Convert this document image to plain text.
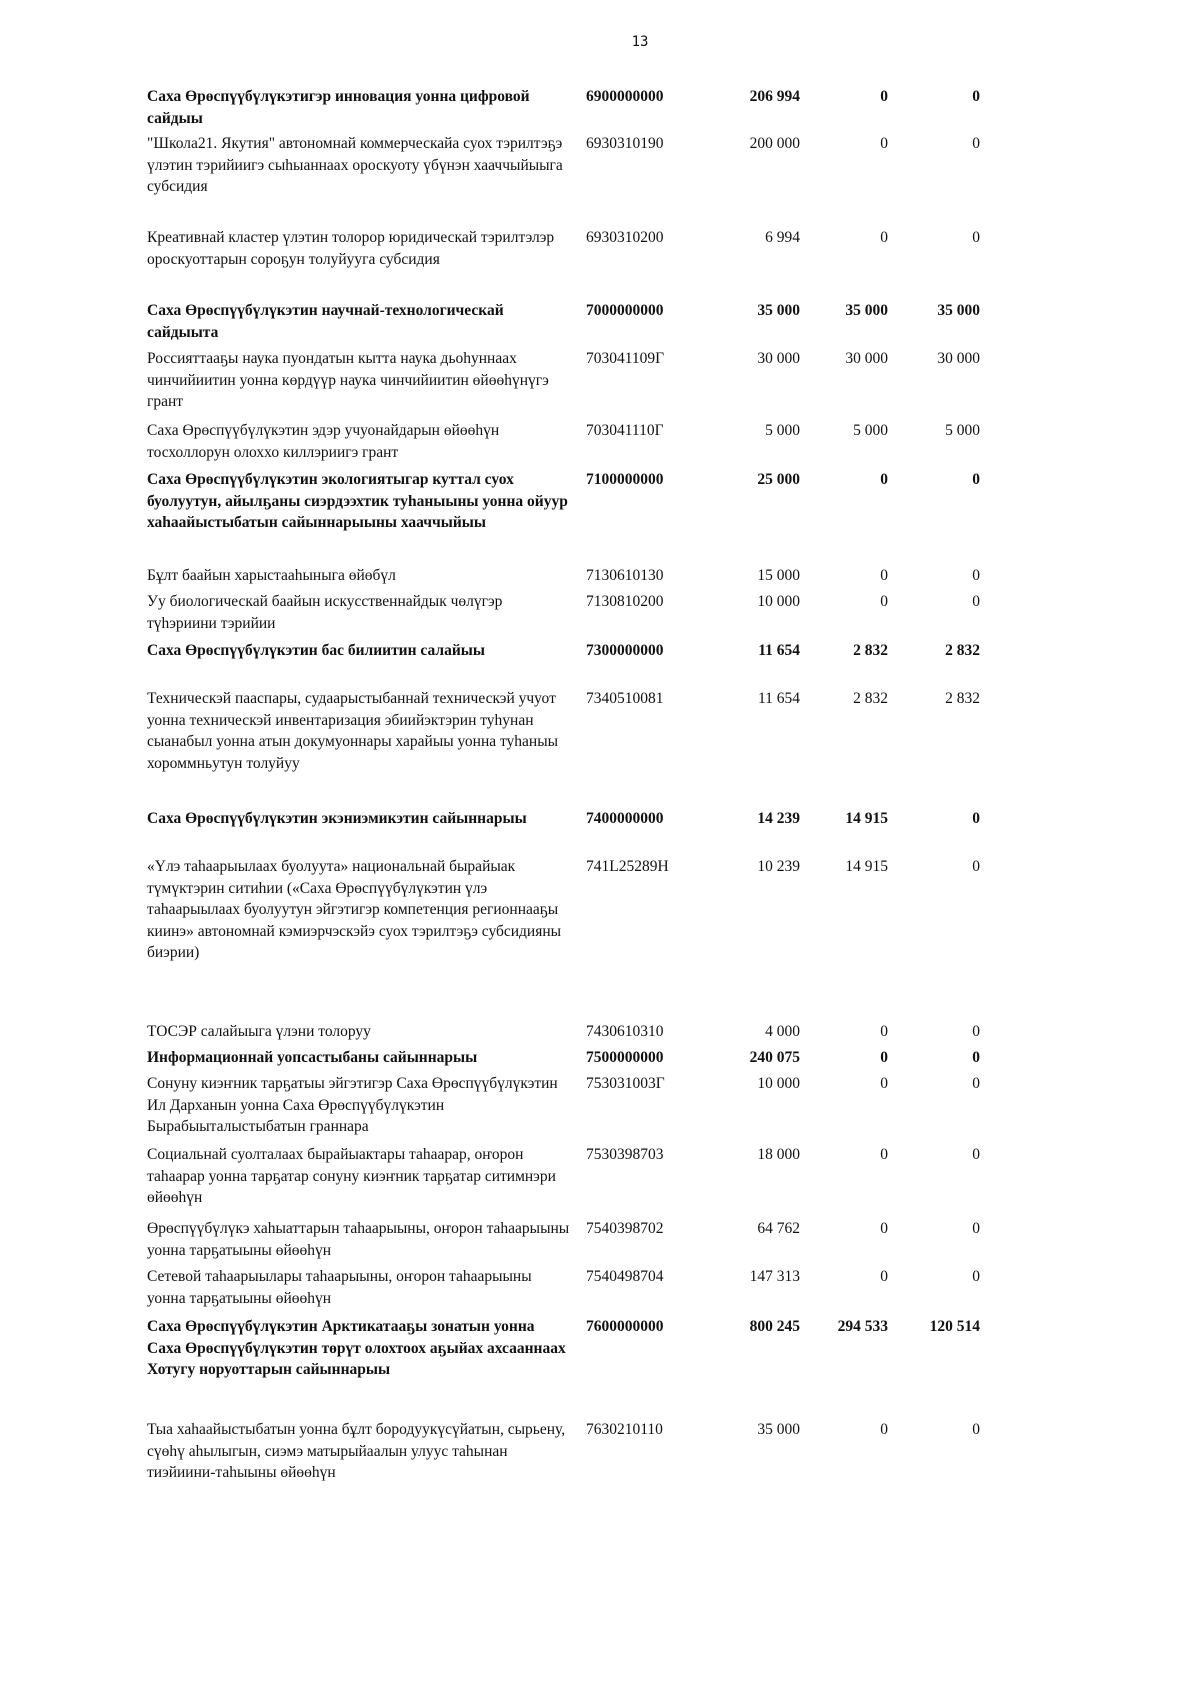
13
Саха Өрөспүүбүлүкэтигэр инновация уонна цифровой сайдыы
6900000000	206 994	0	0
"Школа21. Якутия" автономнай коммерческайа суох тэрилтэҕэ үлэтин тэрийиигэ сыһыаннаах ороскуоту үбүнэн хааччыйыыга субсидия
6930310190	200 000	0	0
Креативнай кластер үлэтин толорор юридическай тэрилтэлэр ороскуоттарын сороҕун толуйууга субсидия
6930310200	6 994	0	0
Саха Өрөспүүбүлүкэтин научнай-технологическай сайдыыта
7000000000	35 000	35 000	35 000
Россияттааҕы наука пуондатын кытта наука дьоһуннаах чинчийиитин уонна көрдүүр наука чинчийиитин өйөөһүнүгэ грант
703041109Г	30 000	30 000	30 000
Саха Өрөспүүбүлүкэтин эдэр учуонайдарын өйөөһүн тосхоллорун олоххо киллэриигэ грант
703041110Г	5 000	5 000	5 000
Саха Өрөспүүбүлүкэтин экологиятыгар куттал суох буолуутун, айылҕаны сиэрдээхтик туһаныыны уонна ойуур хаһаайыстыбатын сайыннарыыны хааччыйыы
7100000000	25 000	0	0
Бұлт баайын харыстааһыныга өйөбүл	7130610130	15 000	0	0
Уу биологическай баайын искусственнайдык чөлүгэр түһэриини тэрийии
7130810200	10 000	0	0
Саха Өрөспүүбүлүкэтин бас билиитин салайыы	7300000000	11 654	2 832	2 832
Техническэй пааспары, судаарыстыбаннай техническэй учуот уонна техническэй инвентаризация эбиийэктэрин туһунан сыанабыл уонна атын докумуоннары харайыы уонна туһаныы хороммньутун толуйуу
7340510081	11 654	2 832	2 832
Саха Өрөспүүбүлүкэтин экэниэмикэтин сайыннарыы	7400000000	14 239	14 915	0
«Үлэ таһаарыылаах буолуута» национальнай бырайыак түмүктэрин ситиһии («Саха Өрөспүүбүлүкэтин үлэ таһаарыылаах буолуутун эйгэтигэр компетенция регионнааҕы киинэ» автономнай кэмиэрчэскэйэ суох тэрилтэҕэ субсидияны биэрии)
741L25289Н	10 239	14 915	0
ТОСЭР салайыыга үлэни толоруу	7430610310	4 000	0	0
Информационнай уопсастыбаны сайыннарыы	7500000000	240 075	0	0
Сонуну киэҥник тарҕатыы эйгэтигэр Саха Өрөспүүбүлүкэтин Ил Дарханын уонна Саха Өрөспүүбүлүкэтин Бырабыыталыстыбатын граннара
753031003Г	10 000	0	0
Социальнай суолталаах бырайыактары таһаарар, оҥорон таһаарар уонна тарҕатар сонуну киэҥник тарҕатар ситимнэри өйөөһүн
7530398703	18 000	0	0
Өрөспүүбүлүкэ хаһыаттарын таһаарыыны, оҥорон таһаарыыны уонна тарҕатыыны өйөөһүн
7540398702	64 762	0	0
Сетевой таһаарыылары таһаарыыны, оҥорон таһаарыыны уонна тарҕатыыны өйөөһүн
7540498704	147 313	0	0
Саха Өрөспүүбүлүкэтин Арктикатааҕы зонатын уонна Саха Өрөспүүбүлүкэтин төрүт олохтоох аҕыйах ахсааннаах Хотугу норуоттарын сайыннарыы
7600000000	800 245	294 533	120 514
Тыа хаһаайыстыбатын уонна бұлт бородуукүсүйатын, сырьену, сүөһү аһылыгын, сиэмэ матырыйаалын улуус таһынан тиэйиини-таһыыны өйөөһүн
7630210110	35 000	0	0
